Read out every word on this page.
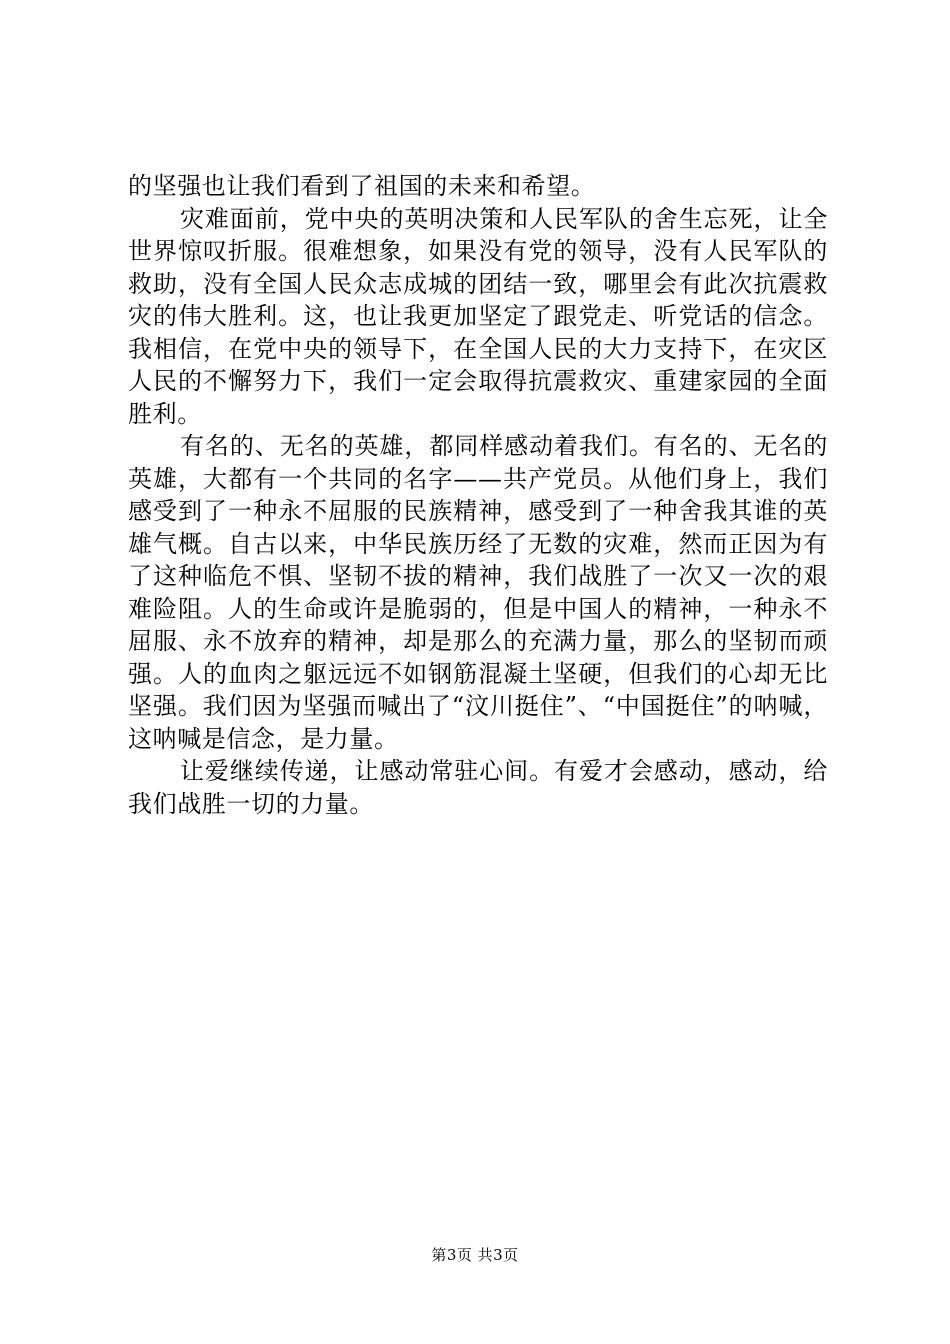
的坚强也让我们看到了祖国的未来和希望。

灾难面前，党中央的英明决策和人民军队的舍生忘死，让全世界惊叹折服。很难想象，如果没有党的领导，没有人民军队的救助，没有全国人民众志成城的团结一致，哪里会有此次抗震救灾的伟大胜利。这，也让我更加坚定了跟党走、听党话的信念。我相信，在党中央的领导下，在全国人民的大力支持下，在灾区人民的不懈努力下，我们一定会取得抗震救灾、重建家园的全面胜利。

有名的、无名的英雄，都同样感动着我们。有名的、无名的英雄，大都有一个共同的名字——共产党员。从他们身上，我们感受到了一种永不屈服的民族精神，感受到了一种舍我其谁的英雄气概。自古以来，中华民族历经了无数的灾难，然而正因为有了这种临危不惧、坚韧不拔的精神，我们战胜了一次又一次的艰难险阻。人的生命或许是脆弱的，但是中国人的精神，一种永不屈服、永不放弃的精神，却是那么的充满力量，那么的坚韧而顽强。人的血肉之躯远远不如钢筋混凝土坚硬，但我们的心却无比坚强。我们因为坚强而喊出了“汶川挺住”、“中国挺住”的呐喊，这呐喊是信念，是力量。

让爱继续传递，让感动常驻心间。有爱才会感动，感动，给我们战胜一切的力量。

第3页 共3页
